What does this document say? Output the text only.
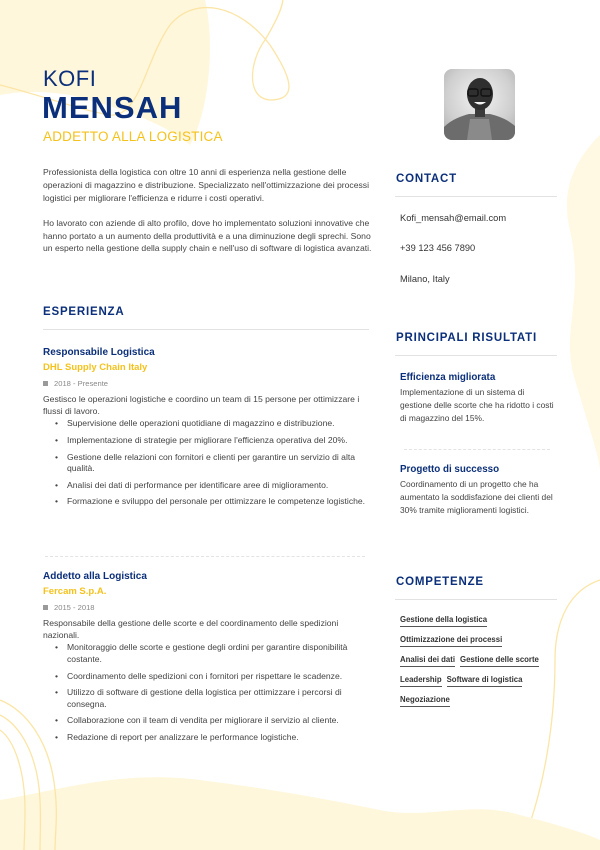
KOFI
MENSAH
ADDETTO ALLA LOGISTICA

Professionista della logistica con oltre 10 anni di esperienza nella gestione delle operazioni di magazzino e distribuzione. Specializzato nell'ottimizzazione dei processi logistici per migliorare l'efficienza e ridurre i costi operativi.

Ho lavorato con aziende di alto profilo, dove ho implementato soluzioni innovative che hanno portato a un aumento della produttività e a una diminuzione degli sprechi. Sono un esperto nella gestione della supply chain e nell'uso di software di logistica avanzati.

ESPERIENZA
Responsabile Logistica
DHL Supply Chain Italy
2018 - Presente
Gestisco le operazioni logistiche e coordino un team di 15 persone per ottimizzare i flussi di lavoro.
• Supervisione delle operazioni quotidiane di magazzino e distribuzione.
• Implementazione di strategie per migliorare l'efficienza operativa del 20%.
• Gestione delle relazioni con fornitori e clienti per garantire un servizio di alta qualità.
• Analisi dei dati di performance per identificare aree di miglioramento.
• Formazione e sviluppo del personale per ottimizzare le competenze logistiche.
Addetto alla Logistica
Fercam S.p.A.
2015 - 2018
Responsabile della gestione delle scorte e del coordinamento delle spedizioni nazionali.
• Monitoraggio delle scorte e gestione degli ordini per garantire disponibilità costante.
• Coordinamento delle spedizioni con i fornitori per rispettare le scadenze.
• Utilizzo di software di gestione della logistica per ottimizzare i percorsi di consegna.
• Collaborazione con il team di vendita per migliorare il servizio al cliente.
• Redazione di report per analizzare le performance logistiche.
CONTACT
Kofi_mensah@email.com
+39 123 456 7890
Milano, Italy
PRINCIPALI RISULTATI
Efficienza migliorata
Implementazione di un sistema di gestione delle scorte che ha ridotto i costi di magazzino del 15%.
Progetto di successo
Coordinamento di un progetto che ha aumentato la soddisfazione dei clienti del 30% tramite miglioramenti logistici.
COMPETENZE
Gestione della logistica
Ottimizzazione dei processi
Analisi dei dati Gestione delle scorte
Leadership Software di logistica
Negoziazione
